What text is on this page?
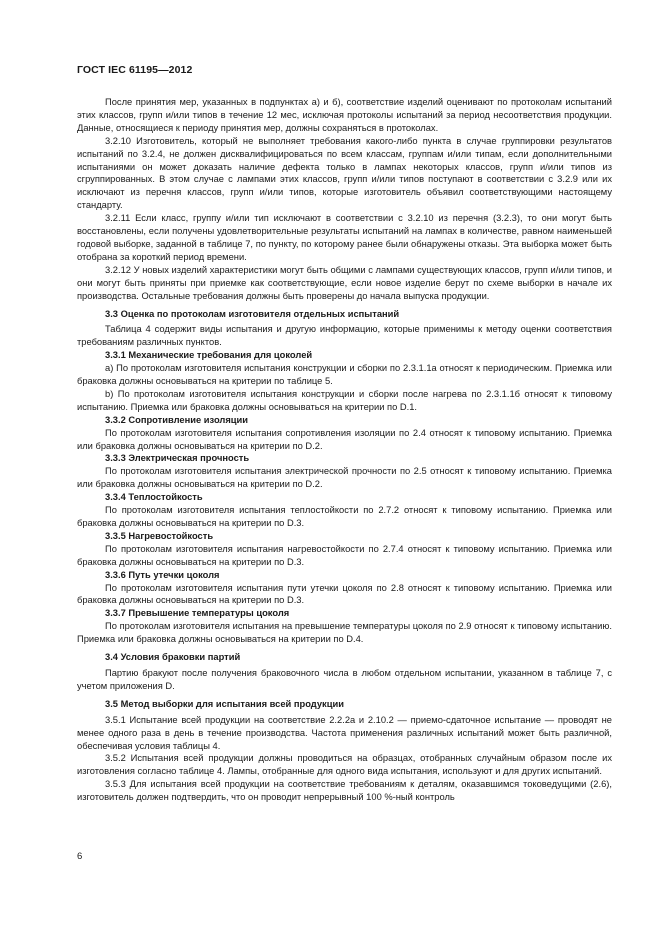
ГОСТ IEC 61195—2012

После принятия мер, указанных в подпунктах а) и б), соответствие изделий оценивают по протоколам испытаний этих классов, групп и/или типов в течение 12 мес, исключая протоколы испытаний за период несоответствия продукции. Данные, относящиеся к периоду принятия мер, должны сохраняться в протоколах.

3.2.10 Изготовитель, который не выполняет требования какого-либо пункта в случае группировки результатов испытаний по 3.2.4, не должен дисквалифицироваться по всем классам, группам и/или типам, если дополнительными испытаниями он может доказать наличие дефекта только в лампах некоторых классов, групп и/или типов из сгруппированных. В этом случае с лампами этих классов, групп и/или типов поступают в соответствии с 3.2.9 или их исключают из перечня классов, групп и/или типов, которые изготовитель объявил соответствующими настоящему стандарту.

3.2.11 Если класс, группу и/или тип исключают в соответствии с 3.2.10 из перечня (3.2.3), то они могут быть восстановлены, если получены удовлетворительные результаты испытаний на лампах в количестве, равном наименьшей годовой выборке, заданной в таблице 7, по пункту, по которому ранее были обнаружены отказы. Эта выборка может быть отобрана за короткий период времени.

3.2.12 У новых изделий характеристики могут быть общими с лампами существующих классов, групп и/или типов, и они могут быть приняты при приемке как соответствующие, если новое изделие берут по схеме выборки в начале их производства. Остальные требования должны быть проверены до начала выпуска продукции.

3.3 Оценка по протоколам изготовителя отдельных испытаний

Таблица 4 содержит виды испытания и другую информацию, которые применимы к методу оценки соответствия требованиям различных пунктов.

3.3.1 Механические требования для цоколей

а) По протоколам изготовителя испытания конструкции и сборки по 2.3.1.1а относят к периодическим. Приемка или браковка должны основываться на критерии по таблице 5.

b) По протоколам изготовителя испытания конструкции и сборки после нагрева по 2.3.1.1б относят к типовому испытанию. Приемка или браковка должны основываться на критерии по D.1.

3.3.2 Сопротивление изоляции

По протоколам изготовителя испытания сопротивления изоляции по 2.4 относят к типовому испытанию. Приемка или браковка должны основываться на критерии по D.2.

3.3.3 Электрическая прочность

По протоколам изготовителя испытания электрической прочности по 2.5 относят к типовому испытанию. Приемка или браковка должны основываться на критерии по D.2.

3.3.4 Теплостойкость

По протоколам изготовителя испытания теплостойкости по 2.7.2 относят к типовому испытанию. Приемка или браковка должны основываться на критерии по D.3.

3.3.5 Нагревостойкость

По протоколам изготовителя испытания нагревостойкости по 2.7.4 относят к типовому испытанию. Приемка или браковка должны основываться на критерии по D.3.

3.3.6 Путь утечки цоколя

По протоколам изготовителя испытания пути утечки цоколя по 2.8 относят к типовому испытанию. Приемка или браковка должны основываться на критерии по D.3.

3.3.7 Превышение температуры цоколя

По протоколам изготовителя испытания на превышение температуры цоколя по 2.9 относят к типовому испытанию. Приемка или браковка должны основываться на критерии по D.4.

3.4 Условия браковки партий

Партию бракуют после получения браковочного числа в любом отдельном испытании, указанном в таблице 7, с учетом приложения D.

3.5 Метод выборки для испытания всей продукции

3.5.1 Испытание всей продукции на соответствие 2.2.2а и 2.10.2 — приемо-сдаточное испытание — проводят не менее одного раза в день в течение производства. Частота применения различных испытаний может быть различной, обеспечивая условия таблицы 4.

3.5.2 Испытания всей продукции должны проводиться на образцах, отобранных случайным образом после их изготовления согласно таблице 4. Лампы, отобранные для одного вида испытания, используют и для других испытаний.

3.5.3 Для испытания всей продукции на соответствие требованиям к деталям, оказавшимся токоведущими (2.6), изготовитель должен подтвердить, что он проводит непрерывный 100 %-ный контроль

6
